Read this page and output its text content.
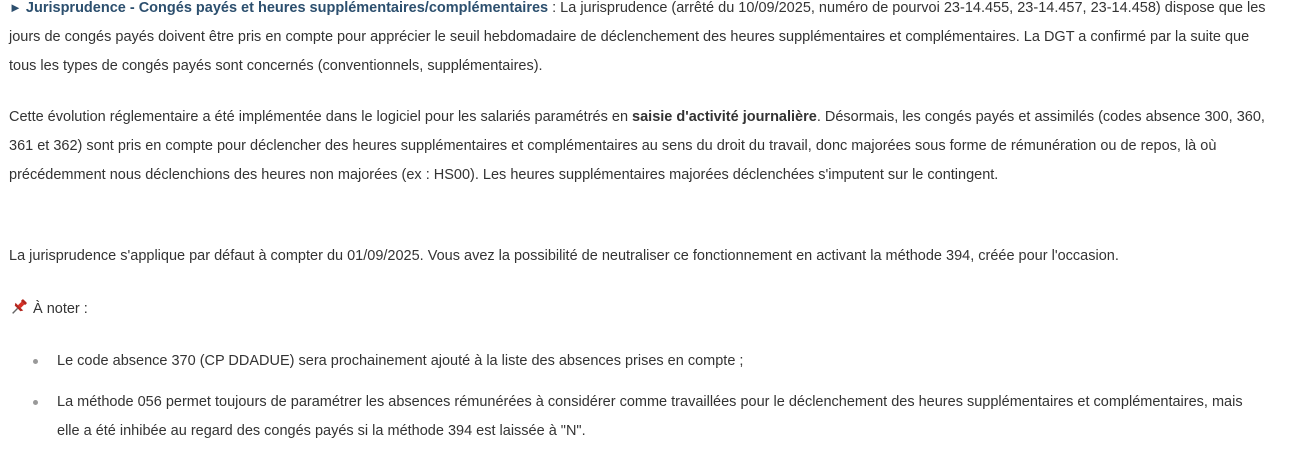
► Jurisprudence - Congés payés et heures supplémentaires/complémentaires : La jurisprudence (arrêté du 10/09/2025, numéro de pourvoi 23-14.455, 23-14.457, 23-14.458) dispose que les jours de congés payés doivent être pris en compte pour apprécier le seuil hebdomadaire de déclenchement des heures supplémentaires et complémentaires. La DGT a confirmé par la suite que tous les types de congés payés sont concernés (conventionnels, supplémentaires).

Cette évolution réglementaire a été implémentée dans le logiciel pour les salariés paramétrés en saisie d'activité journalière. Désormais, les congés payés et assimilés (codes absence 300, 360, 361 et 362) sont pris en compte pour déclencher des heures supplémentaires et complémentaires au sens du droit du travail, donc majorées sous forme de rémunération ou de repos, là où précédemment nous déclenchions des heures non majorées (ex : HS00). Les heures supplémentaires majorées déclenchées s'imputent sur le contingent.

La jurisprudence s'applique par défaut à compter du 01/09/2025. Vous avez la possibilité de neutraliser ce fonctionnement en activant la méthode 394, créée pour l'occasion.

À noter :

Le code absence 370 (CP DDADUE) sera prochainement ajouté à la liste des absences prises en compte ;
La méthode 056 permet toujours de paramétrer les absences rémunérées à considérer comme travaillées pour le déclenchement des heures supplémentaires et complémentaires, mais elle a été inhibée au regard des congés payés si la méthode 394 est laissée à "N".
